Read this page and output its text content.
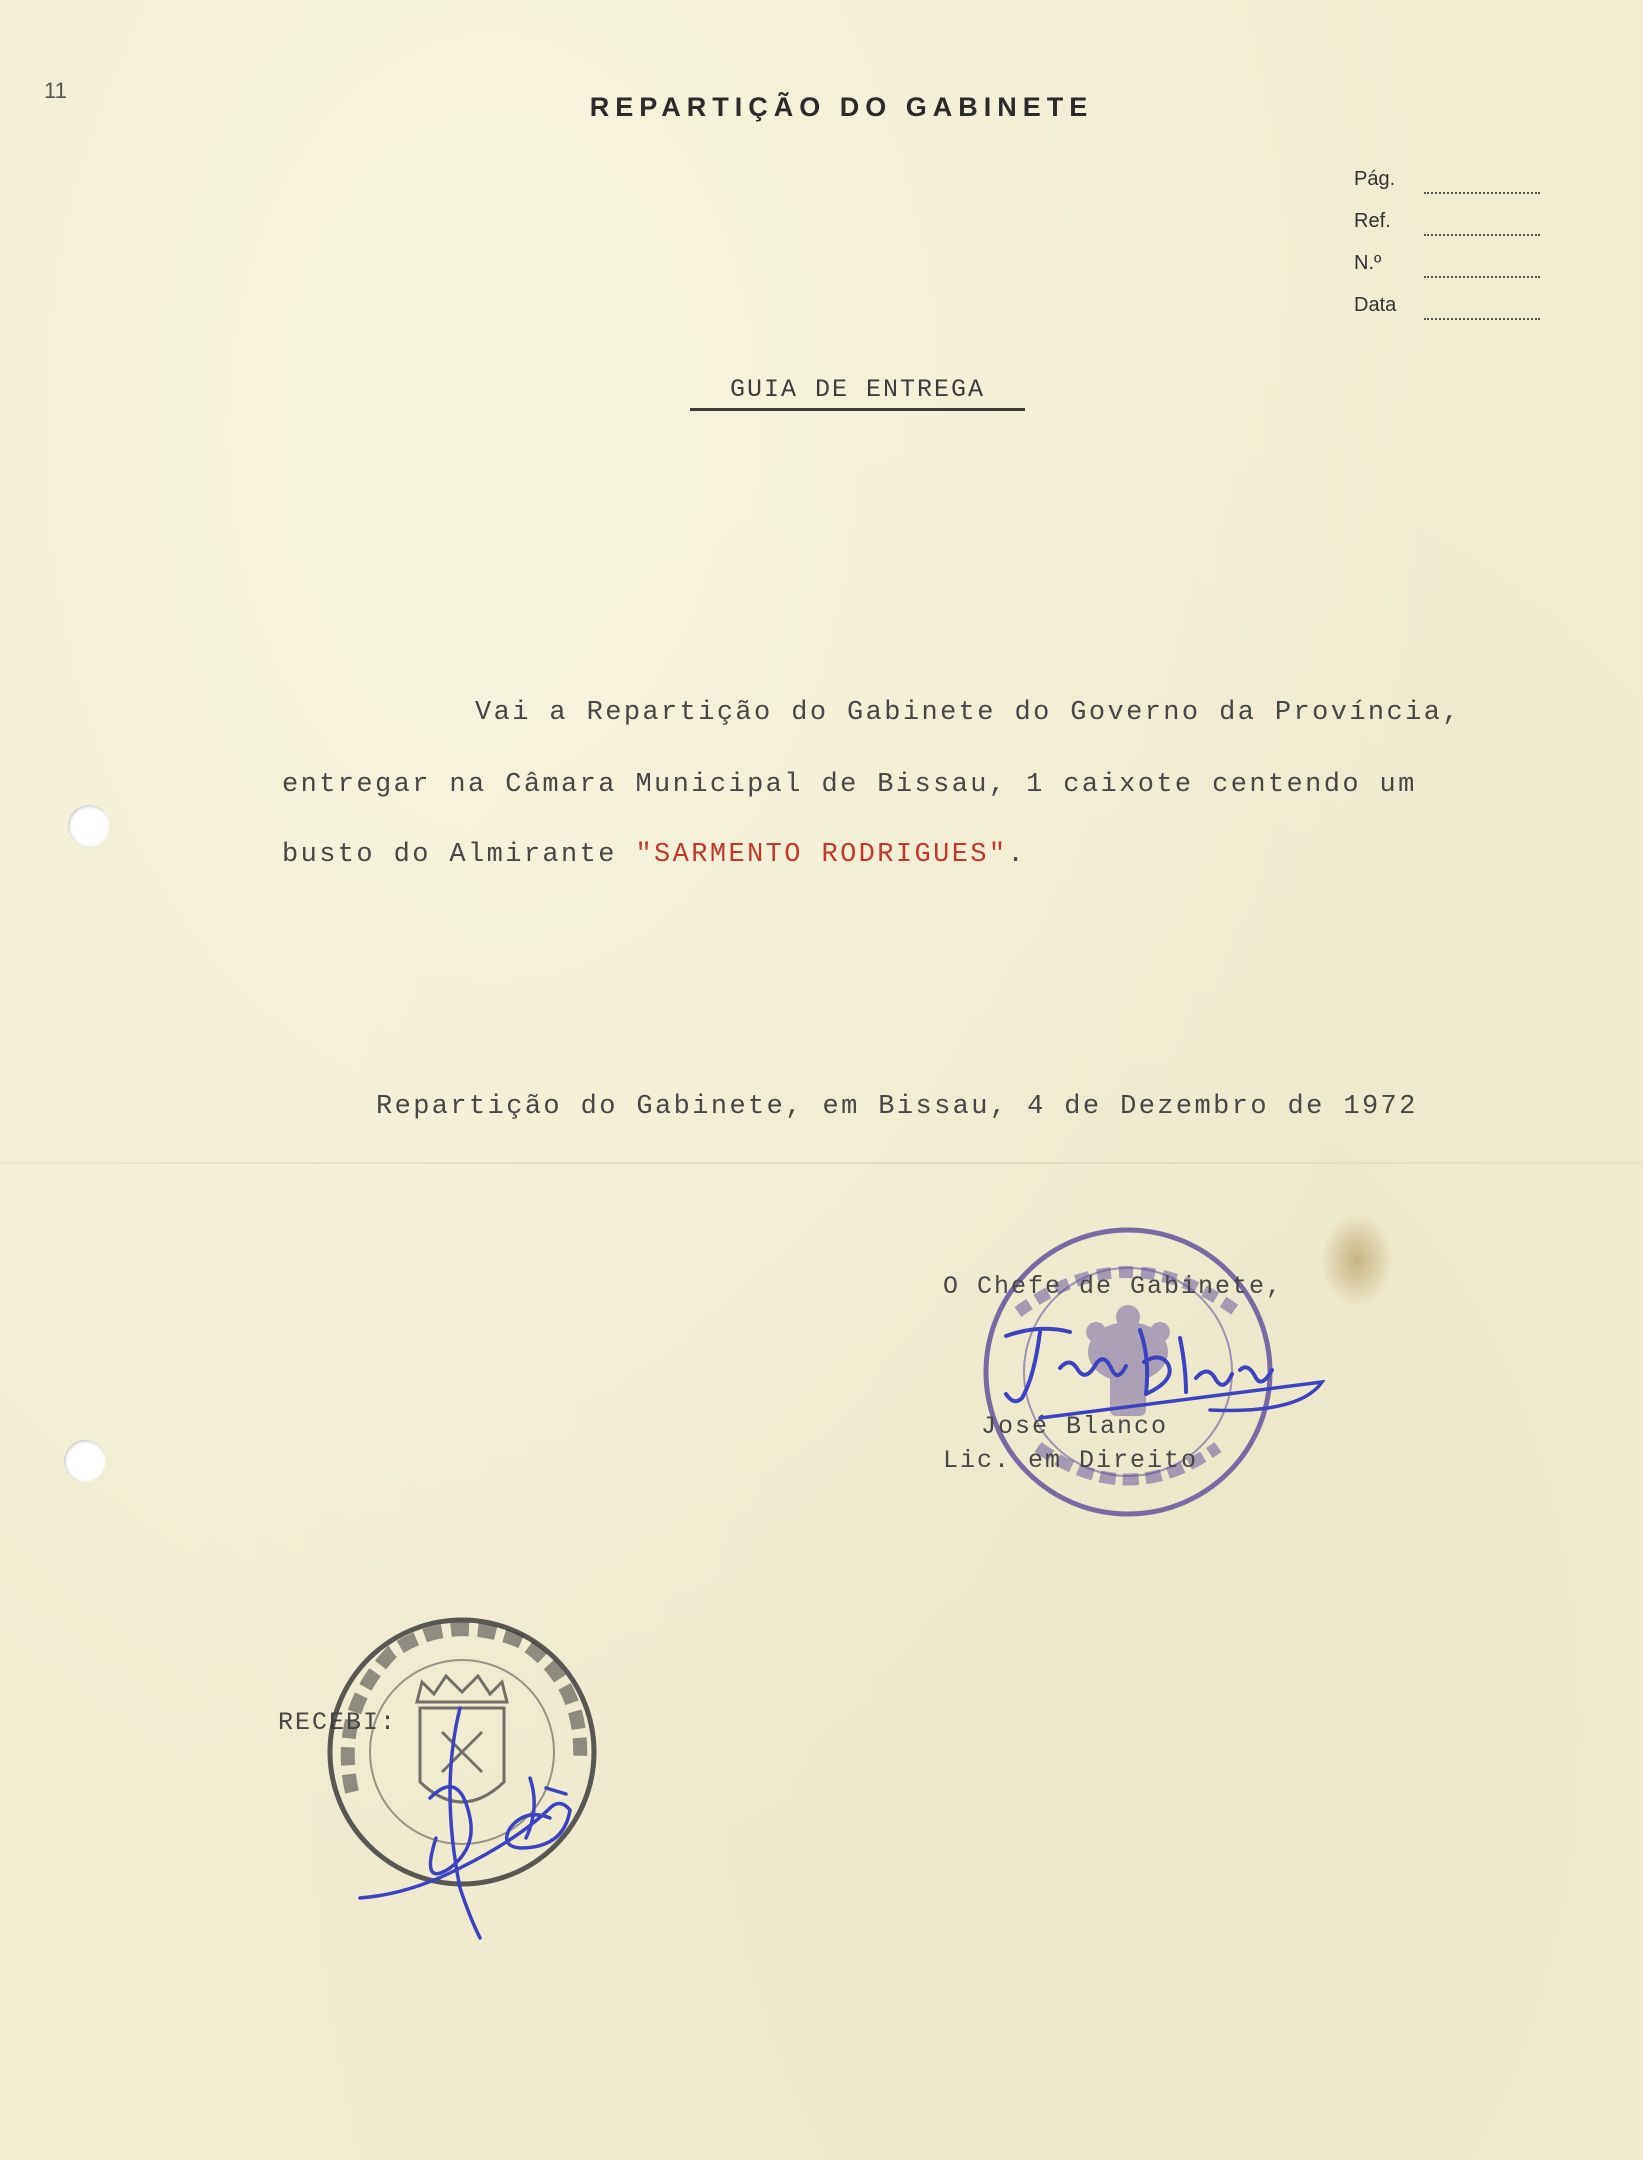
11
REPARTIÇÃO DO GABINETE
Pág.
Ref.
N.º
Data
GUIA DE ENTREGA
Vai a Repartição do Gabinete do Governo da Província,
entregar na Câmara Municipal de Bissau, 1 caixote centendo um
busto do Almirante "SARMENTO RODRIGUES".
Repartição do Gabinete, em Bissau, 4 de Dezembro de 1972
O Chefe de Gabinete,
José Blanco
Lic. em Direito
RECEBI:
